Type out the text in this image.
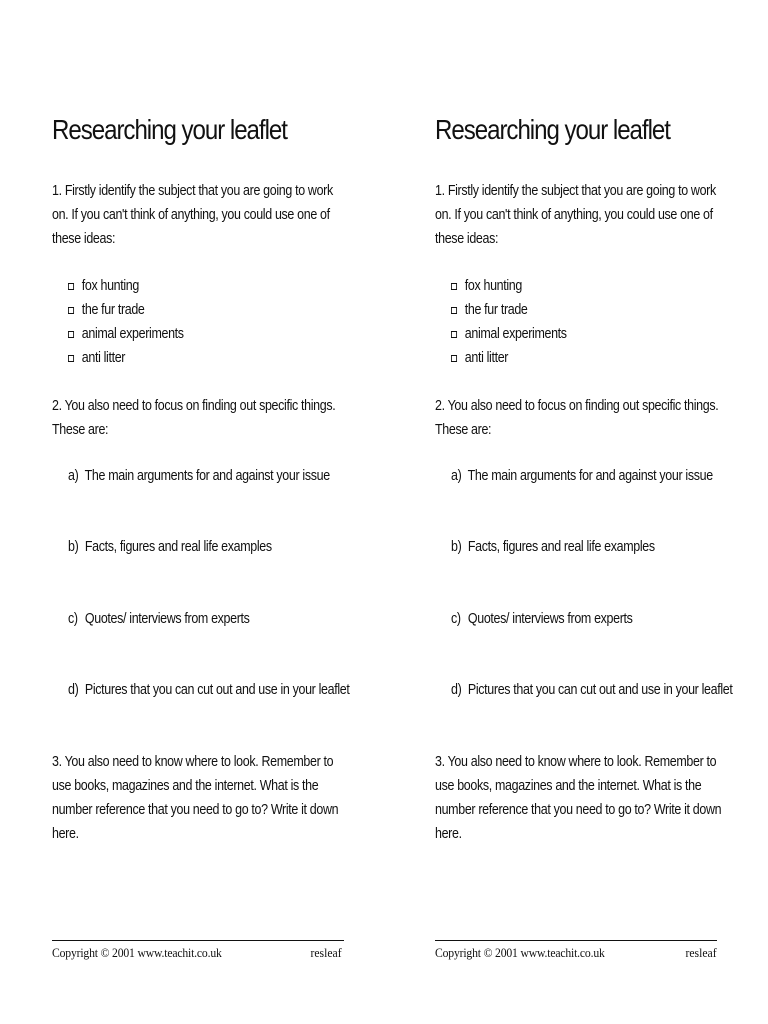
Researching your leaflet

1. Firstly identify the subject that you are going to work on. If you can't think of anything, you could use one of these ideas:

fox hunting
the fur trade
animal experiments
anti litter

2. You also need to focus on finding out specific things. These are:

a) The main arguments for and against your issue
b) Facts, figures and real life examples
c) Quotes/ interviews from experts
d) Pictures that you can cut out and use in your leaflet

3. You also need to know where to look. Remember to use books, magazines and the internet. What is the number reference that you need to go to? Write it down here.

Copyright © 2001 www.teachit.co.uk	resleaf
Researching your leaflet

1. Firstly identify the subject that you are going to work on. If you can't think of anything, you could use one of these ideas:

fox hunting
the fur trade
animal experiments
anti litter

2. You also need to focus on finding out specific things. These are:

a) The main arguments for and against your issue
b) Facts, figures and real life examples
c) Quotes/ interviews from experts
d) Pictures that you can cut out and use in your leaflet

3. You also need to know where to look. Remember to use books, magazines and the internet. What is the number reference that you need to go to? Write it down here.

Copyright © 2001 www.teachit.co.uk	resleaf
